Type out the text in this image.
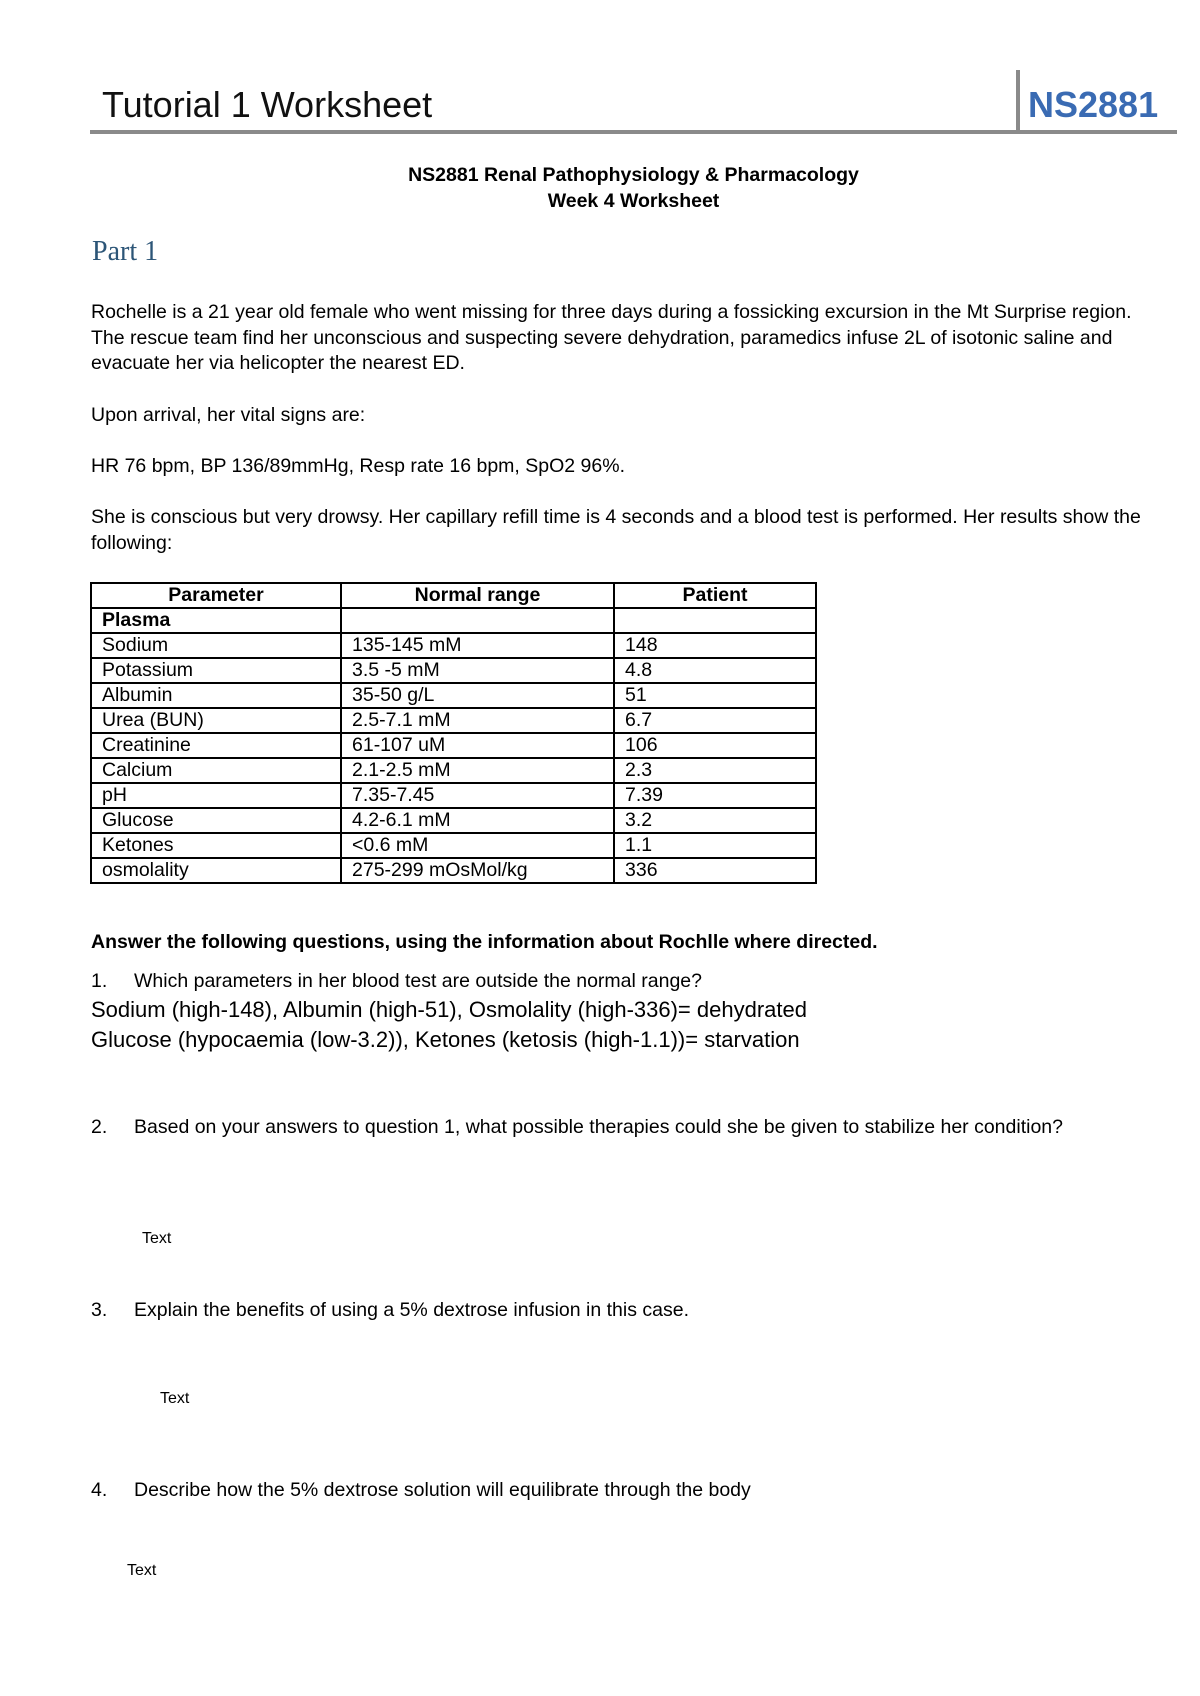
Tutorial 1 Worksheet	NS2881
NS2881 Renal Pathophysiology & Pharmacology
Week 4 Worksheet
Part 1
Rochelle is a 21 year old female who went missing for three days during a fossicking excursion in the Mt Surprise region. The rescue team find her unconscious and suspecting severe dehydration, paramedics infuse 2L of isotonic saline and evacuate her via helicopter the nearest ED.
Upon arrival, her vital signs are:
HR 76 bpm, BP 136/89mmHg, Resp rate 16 bpm, SpO2 96%.
She is conscious but very drowsy. Her capillary refill time is 4 seconds and a blood test is performed. Her results show the following:
Parameter	Normal range	Patient
Plasma		
Sodium	135-145 mM	148
Potassium	3.5 -5 mM	4.8
Albumin	35-50 g/L	51
Urea (BUN)	2.5-7.1 mM	6.7
Creatinine	61-107 uM	106
Calcium	2.1-2.5 mM	2.3
pH	7.35-7.45	7.39
Glucose	4.2-6.1 mM	3.2
Ketones	<0.6 mM	1.1
osmolality	275-299 mOsMol/kg	336
Answer the following questions, using the information about Rochlle where directed.
1.	Which parameters in her blood test are outside the normal range?
Sodium (high-148), Albumin (high-51), Osmolality (high-336)= dehydrated
Glucose (hypocaemia (low-3.2)), Ketones (ketosis (high-1.1))= starvation
2.	Based on your answers to question 1, what possible therapies could she be given to stabilize her condition?
Text
3.	Explain the benefits of using a 5% dextrose infusion in this case.
Text
4.	Describe how the 5% dextrose solution will equilibrate through the body
Text
